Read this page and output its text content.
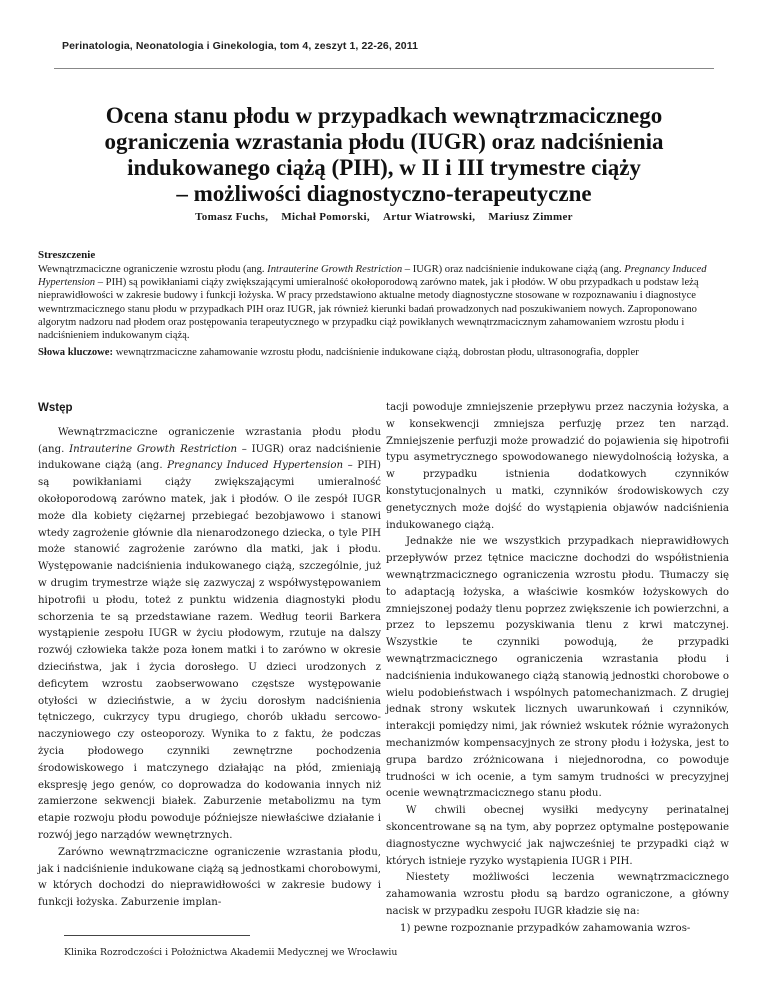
Perinatologia, Neonatologia i Ginekologia, tom 4, zeszyt 1, 22-26, 2011
Ocena stanu płodu w przypadkach wewnątrzmacicznego
ograniczenia wzrastania płodu (IUGR) oraz nadciśnienia
indukowanego ciążą (PIH), w II i III trymestre ciąży
– możliwości diagnostyczno-terapeutyczne
Tomasz Fuchs, Michał Pomorski, Artur Wiatrowski, Mariusz Zimmer
Streszczenie
Wewnątrzmaciczne ograniczenie wzrostu płodu (ang. Intrauterine Growth Restriction – IUGR) oraz nadciśnienie indukowane ciążą (ang. Pregnancy Induced Hypertension – PIH) są powikłaniami ciąży zwiększającymi umieralność okołoporodową zarówno matek, jak i płodów. W obu przypadkach u podstaw leżą nieprawidłowości w zakresie budowy i funkcji łożyska. W pracy przedstawiono aktualne metody diagnostyczne stosowane w rozpoznawaniu i diagnostyce wewntrzmacicznego stanu płodu w przypadkach PIH oraz IUGR, jak również kierunki badań prowadzonych nad poszukiwaniem nowych. Zaproponowano algorytm nadzoru nad płodem oraz postępowania terapeutycznego w przypadku ciąż powikłanych wewnątrzmacicznym zahamowaniem wzrostu płodu i nadciśnieniem indukowanym ciążą.
Słowa kluczowe: wewnątrzmaciczne zahamowanie wzrostu płodu, nadciśnienie indukowane ciążą, dobrostan płodu, ultrasonografia, doppler
Wstęp

Wewnątrzmaciczne ograniczenie wzrastania płodu płodu (ang. Intrauterine Growth Restriction – IUGR) oraz nadciśnienie indukowane ciążą (ang. Pregnancy Induced Hypertension – PIH) są powikłaniami ciąży zwiększającymi umieralność okołoporodową zarówno matek, jak i płodów. O ile zespół IUGR może dla kobiety ciężarnej przebiegać bezobjawowo i stanowi wtedy zagrożenie głównie dla nienarodzonego dziecka, o tyle PIH może stanowić zagrożenie zarówno dla matki, jak i płodu. Występowanie nadciśnienia indukowanego ciążą, szczególnie, już w drugim trymestrze wiąże się zazwyczaj z współwystępowaniem hipotrofii u płodu, toteż z punktu widzenia diagnostyki płodu schorzenia te są przedstawiane razem. Według teorii Barkera wystąpienie zespołu IUGR w życiu płodowym, rzutuje na dalszy rozwój człowieka także poza łonem matki i to zarówno w okresie dzieciństwa, jak i życia dorosłego. U dzieci urodzonych z deficytem wzrostu zaobserwowano częstsze występowanie otyłości w dzieciństwie, a w życiu dorosłym nadciśnienia tętniczego, cukrzycy typu drugiego, chorób układu sercowo-naczyniowego czy osteoporozy. Wynika to z faktu, że podczas życia płodowego czynniki zewnętrzne pochodzenia środowiskowego i matczynego działając na płód, zmieniają ekspresję jego genów, co doprowadza do kodowania innych niż zamierzone sekwencji białek. Zaburzenie metabolizmu na tym etapie rozwoju płodu powoduje późniejsze niewłaściwe działanie i rozwój jego narządów wewnętrznych.

Zarówno wewnątrzmaciczne ograniczenie wzrastania płodu, jak i nadciśnienie indukowane ciążą są jednostkami chorobowymi, w których dochodzi do nieprawidłowości w zakresie budowy i funkcji łożyska. Zaburzenie implan-

tacji powoduje zmniejszenie przepływu przez naczynia łożyska, a w konsekwencji zmniejsza perfuzję przez ten narząd. Zmniejszenie perfuzji może prowadzić do pojawienia się hipotrofii typu asymetrycznego spowodowanego niewydolnością łożyska, a w przypadku istnienia dodatkowych czynników konstytucjonalnych u matki, czynników środowiskowych czy genetycznych może dojść do wystąpienia objawów nadciśnienia indukowanego ciążą.

Jednakże nie we wszystkich przypadkach nieprawidłowych przepływów przez tętnice maciczne dochodzi do współistnienia wewnątrzmacicznego ograniczenia wzrostu płodu. Tłumaczy się to adaptacją łożyska, a właściwie kosmków łożyskowych do zmniejszonej podaży tlenu poprzez zwiększenie ich powierzchni, a przez to lepszemu pozyskiwania tlenu z krwi matczynej. Wszystkie te czynniki powodują, że przypadki wewnątrzmacicznego ograniczenia wzrastania płodu i nadciśnienia indukowanego ciążą stanowią jednostki chorobowe o wielu podobieństwach i wspólnych patomechanizmach. Z drugiej jednak strony wskutek licznych uwarunkowań i czynników, interakcji pomiędzy nimi, jak również wskutek różnie wyrażonych mechanizmów kompensacyjnych ze strony płodu i łożyska, jest to grupa bardzo zróżnicowana i niejednorodna, co powoduje trudności w ich ocenie, a tym samym trudności w precyzyjnej ocenie wewnątrzmacicznego stanu płodu.

W chwili obecnej wysiłki medycyny perinatalnej skoncentrowane są na tym, aby poprzez optymalne postępowanie diagnostyczne wychwycić jak najwcześniej te przypadki ciąż w których istnieje ryzyko wystąpienia IUGR i PIH.

Niestety możliwości leczenia wewnątrzmacicznego zahamowania wzrostu płodu są bardzo ograniczone, a główny nacisk w przypadku zespołu IUGR kładzie się na:

1) pewne rozpoznanie przypadków zahamowania wzros-

Klinika Rozrodczości i Położnictwa Akademii Medycznej we Wrocławiu
